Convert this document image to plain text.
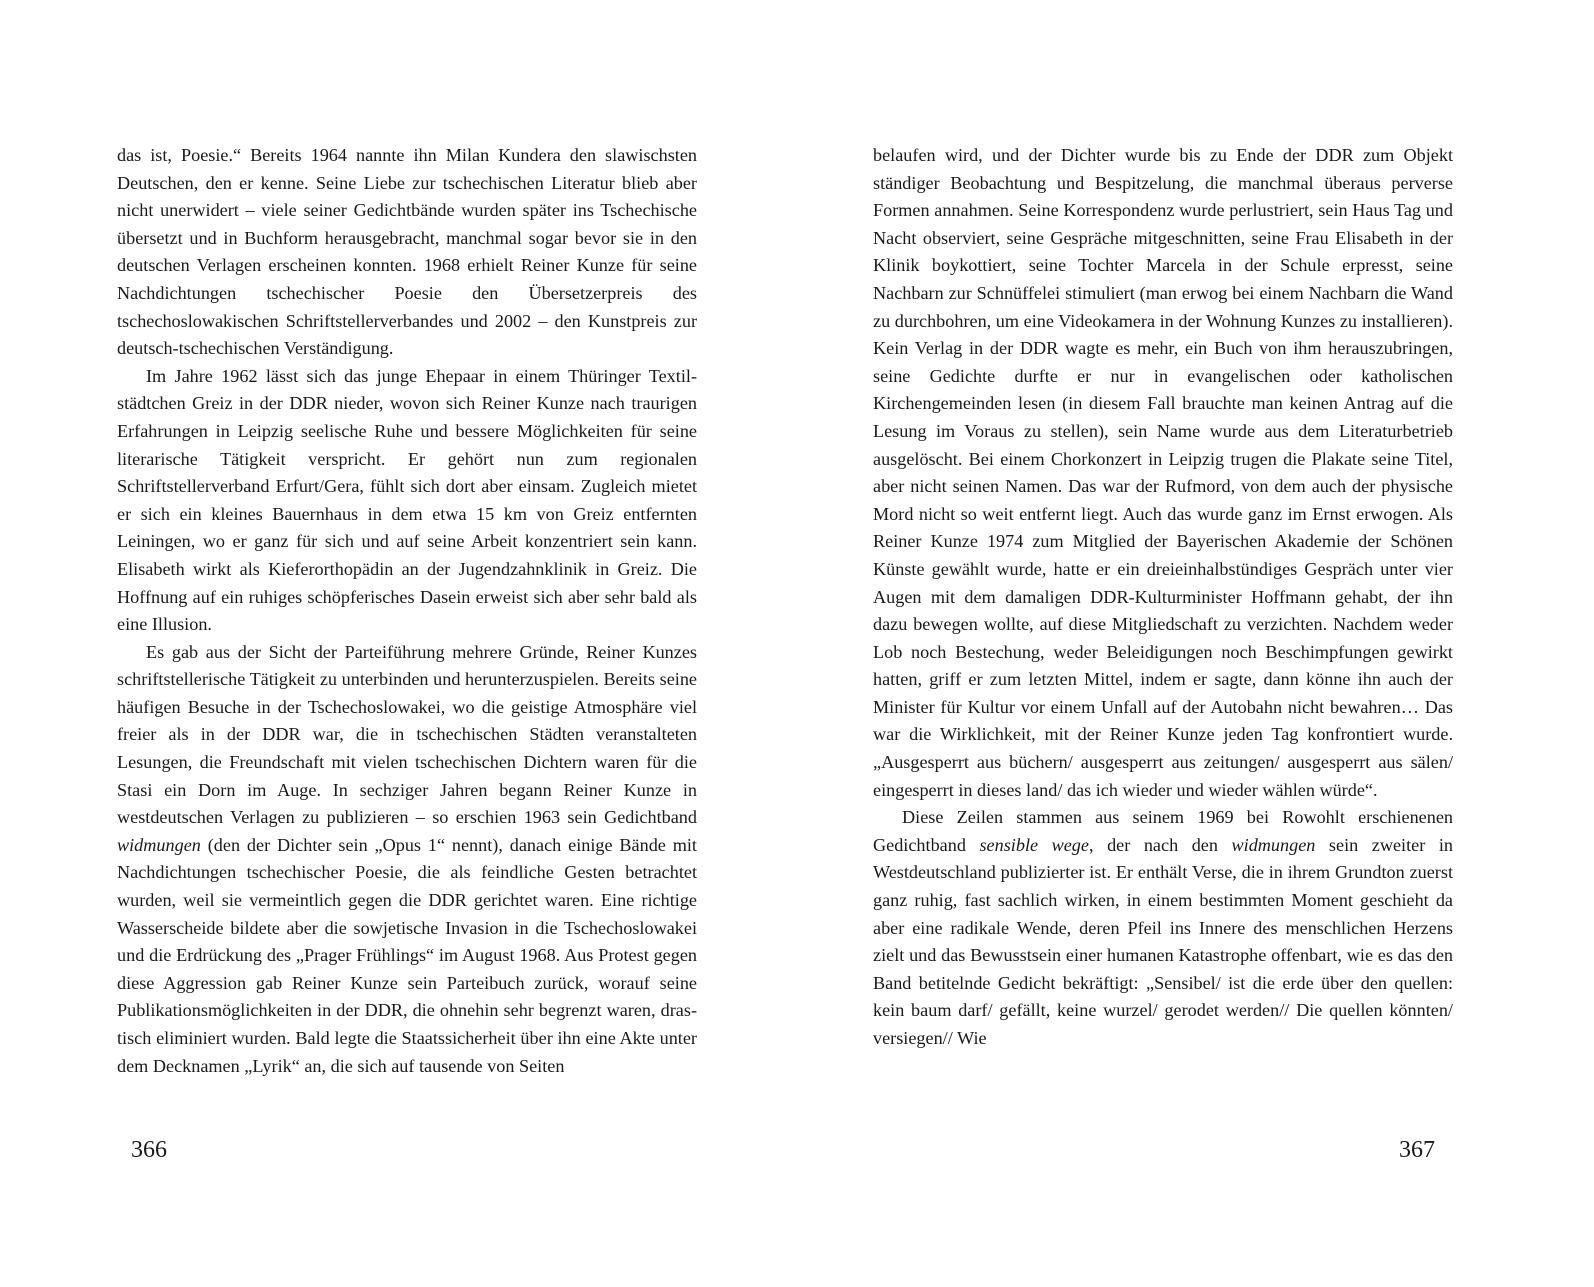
das ist, Poesie.“ Bereits 1964 nannte ihn Milan Kundera den slawischsten Deutschen, den er kenne. Seine Liebe zur tschechischen Literatur blieb aber nicht unerwidert – viele seiner Gedichtbände wurden später ins Tschechische übersetzt und in Buchform herausgebracht, manchmal sogar bevor sie in den deutschen Verlagen erscheinen konnten. 1968 erhielt Reiner Kunze für seine Nachdichtungen tschechischer Poesie den Übersetzerpreis des tschechoslowakischen Schriftstellerverbandes und 2002 – den Kunstpreis zur deutsch-tschechischen Verständigung.

Im Jahre 1962 lässt sich das junge Ehepaar in einem Thüringer Textilstädtchen Greiz in der DDR nieder, wovon sich Reiner Kunze nach traurigen Erfahrungen in Leipzig seelische Ruhe und bessere Möglichkeiten für seine literarische Tätigkeit verspricht. Er gehört nun zum regionalen Schriftstellerverband Erfurt/Gera, fühlt sich dort aber einsam. Zugleich mietet er sich ein kleines Bauernhaus in dem etwa 15 km von Greiz entfernten Leiningen, wo er ganz für sich und auf seine Arbeit konzentriert sein kann. Elisabeth wirkt als Kieferorthopädin an der Jugendzahnklinik in Greiz. Die Hoffnung auf ein ruhiges schöpferisches Dasein erweist sich aber sehr bald als eine Illusion.

Es gab aus der Sicht der Parteiführung mehrere Gründe, Reiner Kunzes schriftstellerische Tätigkeit zu unterbinden und herunterzuspielen. Bereits seine häufigen Besuche in der Tschechoslowakei, wo die geistige Atmosphäre viel freier als in der DDR war, die in tschechischen Städten veranstalteten Lesungen, die Freundschaft mit vielen tschechischen Dichtern waren für die Stasi ein Dorn im Auge. In sechziger Jahren begann Reiner Kunze in westdeutschen Verlagen zu publizieren – so erschien 1963 sein Gedichtband widmungen (den der Dichter sein „Opus 1“ nennt), danach einige Bände mit Nachdichtungen tschechischer Poesie, die als feindliche Gesten betrachtet wurden, weil sie vermeintlich gegen die DDR gerichtet waren. Eine richtige Wasserscheide bildete aber die sowjetische Invasion in die Tschechoslowakei und die Erdrückung des „Prager Frühlings“ im August 1968. Aus Protest gegen diese Aggression gab Reiner Kunze sein Parteibuch zurück, worauf seine Publikationsmöglichkeiten in der DDR, die ohnehin sehr begrenzt waren, drastisch eliminiert wurden. Bald legte die Staatssicherheit über ihn eine Akte unter dem Decknamen „Lyrik“ an, die sich auf tausende von Seiten

366

belaufen wird, und der Dichter wurde bis zu Ende der DDR zum Objekt ständiger Beobachtung und Bespitzelung, die manchmal überaus perverse Formen annahmen. Seine Korrespondenz wurde perlustriert, sein Haus Tag und Nacht observiert, seine Gespräche mitgeschnitten, seine Frau Elisabeth in der Klinik boykottiert, seine Tochter Marcela in der Schule erpresst, seine Nachbarn zur Schnüffelei stimuliert (man erwog bei einem Nachbarn die Wand zu durchbohren, um eine Videokamera in der Wohnung Kunzes zu installieren). Kein Verlag in der DDR wagte es mehr, ein Buch von ihm herauszubringen, seine Gedichte durfte er nur in evangelischen oder katholischen Kirchengemeinden lesen (in diesem Fall brauchte man keinen Antrag auf die Lesung im Voraus zu stellen), sein Name wurde aus dem Literaturbetrieb ausgelöscht. Bei einem Chorkonzert in Leipzig trugen die Plakate seine Titel, aber nicht seinen Namen. Das war der Rufmord, von dem auch der physische Mord nicht so weit entfernt liegt. Auch das wurde ganz im Ernst erwogen. Als Reiner Kunze 1974 zum Mitglied der Bayerischen Akademie der Schönen Künste gewählt wurde, hatte er ein dreieinhalbstündiges Gespräch unter vier Augen mit dem damaligen DDR-Kulturminister Hoffmann gehabt, der ihn dazu bewegen wollte, auf diese Mitgliedschaft zu verzichten. Nachdem weder Lob noch Bestechung, weder Beleidigungen noch Beschimpfungen gewirkt hatten, griff er zum letzten Mittel, indem er sagte, dann könne ihn auch der Minister für Kultur vor einem Unfall auf der Autobahn nicht bewahren… Das war die Wirklichkeit, mit der Reiner Kunze jeden Tag konfrontiert wurde. „Ausgesperrt aus büchern/ ausgesperrt aus zeitungen/ ausgesperrt aus sälen/ eingesperrt in dieses land/ das ich wieder und wieder wählen würde“.

Diese Zeilen stammen aus seinem 1969 bei Rowohlt erschienenen Gedichtband sensible wege, der nach den widmungen sein zweiter in Westdeutschland publizierter ist. Er enthält Verse, die in ihrem Grundton zuerst ganz ruhig, fast sachlich wirken, in einem bestimmten Moment geschieht da aber eine radikale Wende, deren Pfeil ins Innere des menschlichen Herzens zielt und das Bewusstsein einer humanen Katastrophe offenbart, wie es das den Band betitelnde Gedicht bekräftigt: „Sensibel/ ist die erde über den quellen: kein baum darf/ gefällt, keine wurzel/ gerodet werden// Die quellen könnten/ versiegen// Wie

367
